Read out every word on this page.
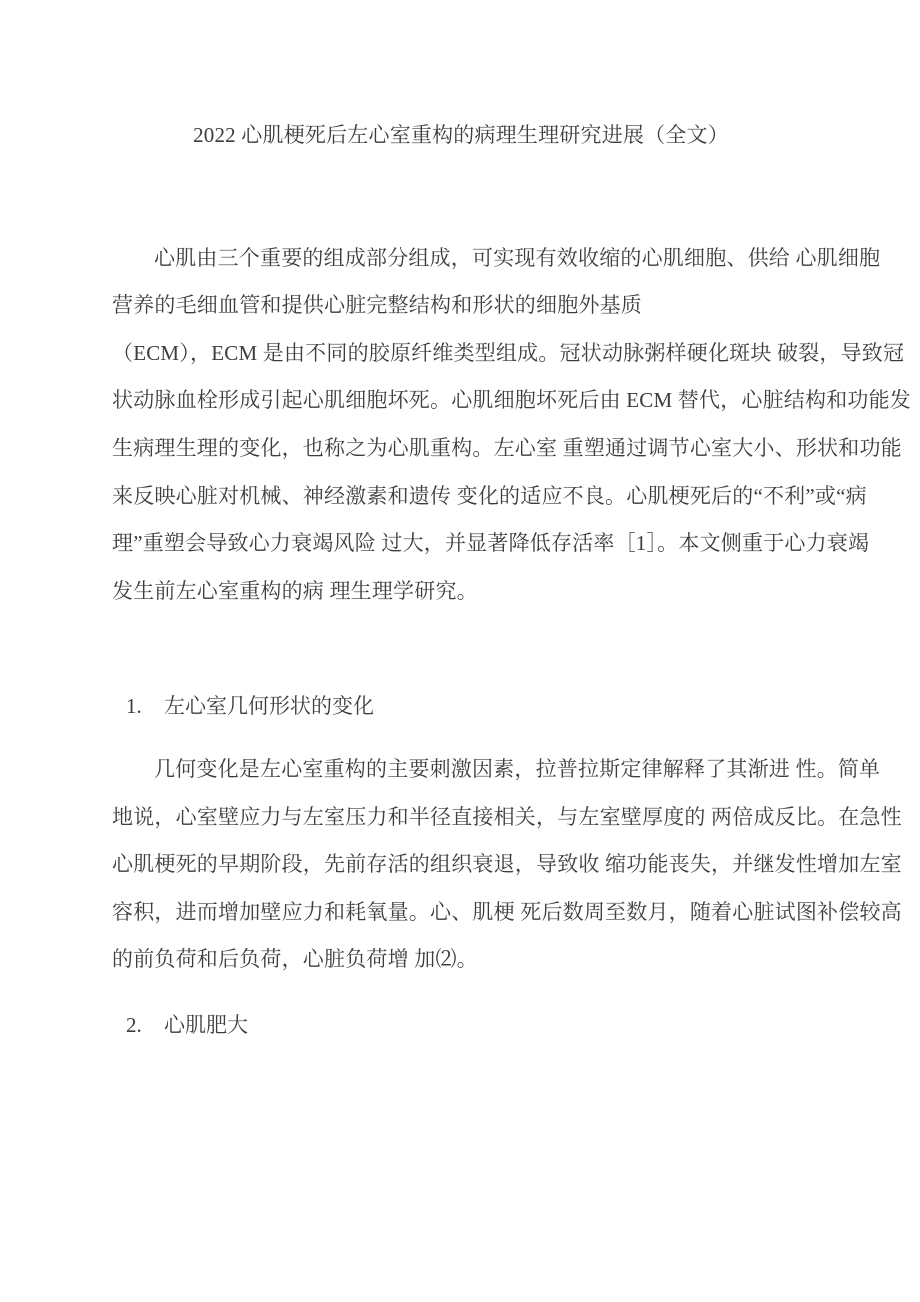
2022 心肌梗死后左心室重构的病理生理研究进展（全文）
心肌由三个重要的组成部分组成，可实现有效收缩的心肌细胞、供给 心肌细胞
营养的毛细血管和提供心脏完整结构和形状的细胞外基质
（ECM），ECM 是由不同的胶原纤维类型组成。冠状动脉粥样硬化斑块 破裂，导致冠
状动脉血栓形成引起心肌细胞坏死。心肌细胞坏死后由 ECM 替代，心脏结构和功能发
生病理生理的变化，也称之为心肌重构。左心室 重塑通过调节心室大小、形状和功能
来反映心脏对机械、神经激素和遗传 变化的适应不良。心肌梗死后的“不利”或“病
理”重塑会导致心力衰竭风险 过大，并显著降低存活率［1］。本文侧重于心力衰竭
发生前左心室重构的病 理生理学研究。
1. 左心室几何形状的变化
几何变化是左心室重构的主要刺激因素，拉普拉斯定律解释了其渐进 性。简单
地说，心室壁应力与左室压力和半径直接相关，与左室壁厚度的 两倍成反比。在急性
心肌梗死的早期阶段，先前存活的组织衰退，导致收 缩功能丧失，并继发性增加左室
容积，进而增加壁应力和耗氧量。心、肌梗 死后数周至数月，随着心脏试图补偿较高
的前负荷和后负荷，心脏负荷增 加⑵。
2. 心肌肥大
